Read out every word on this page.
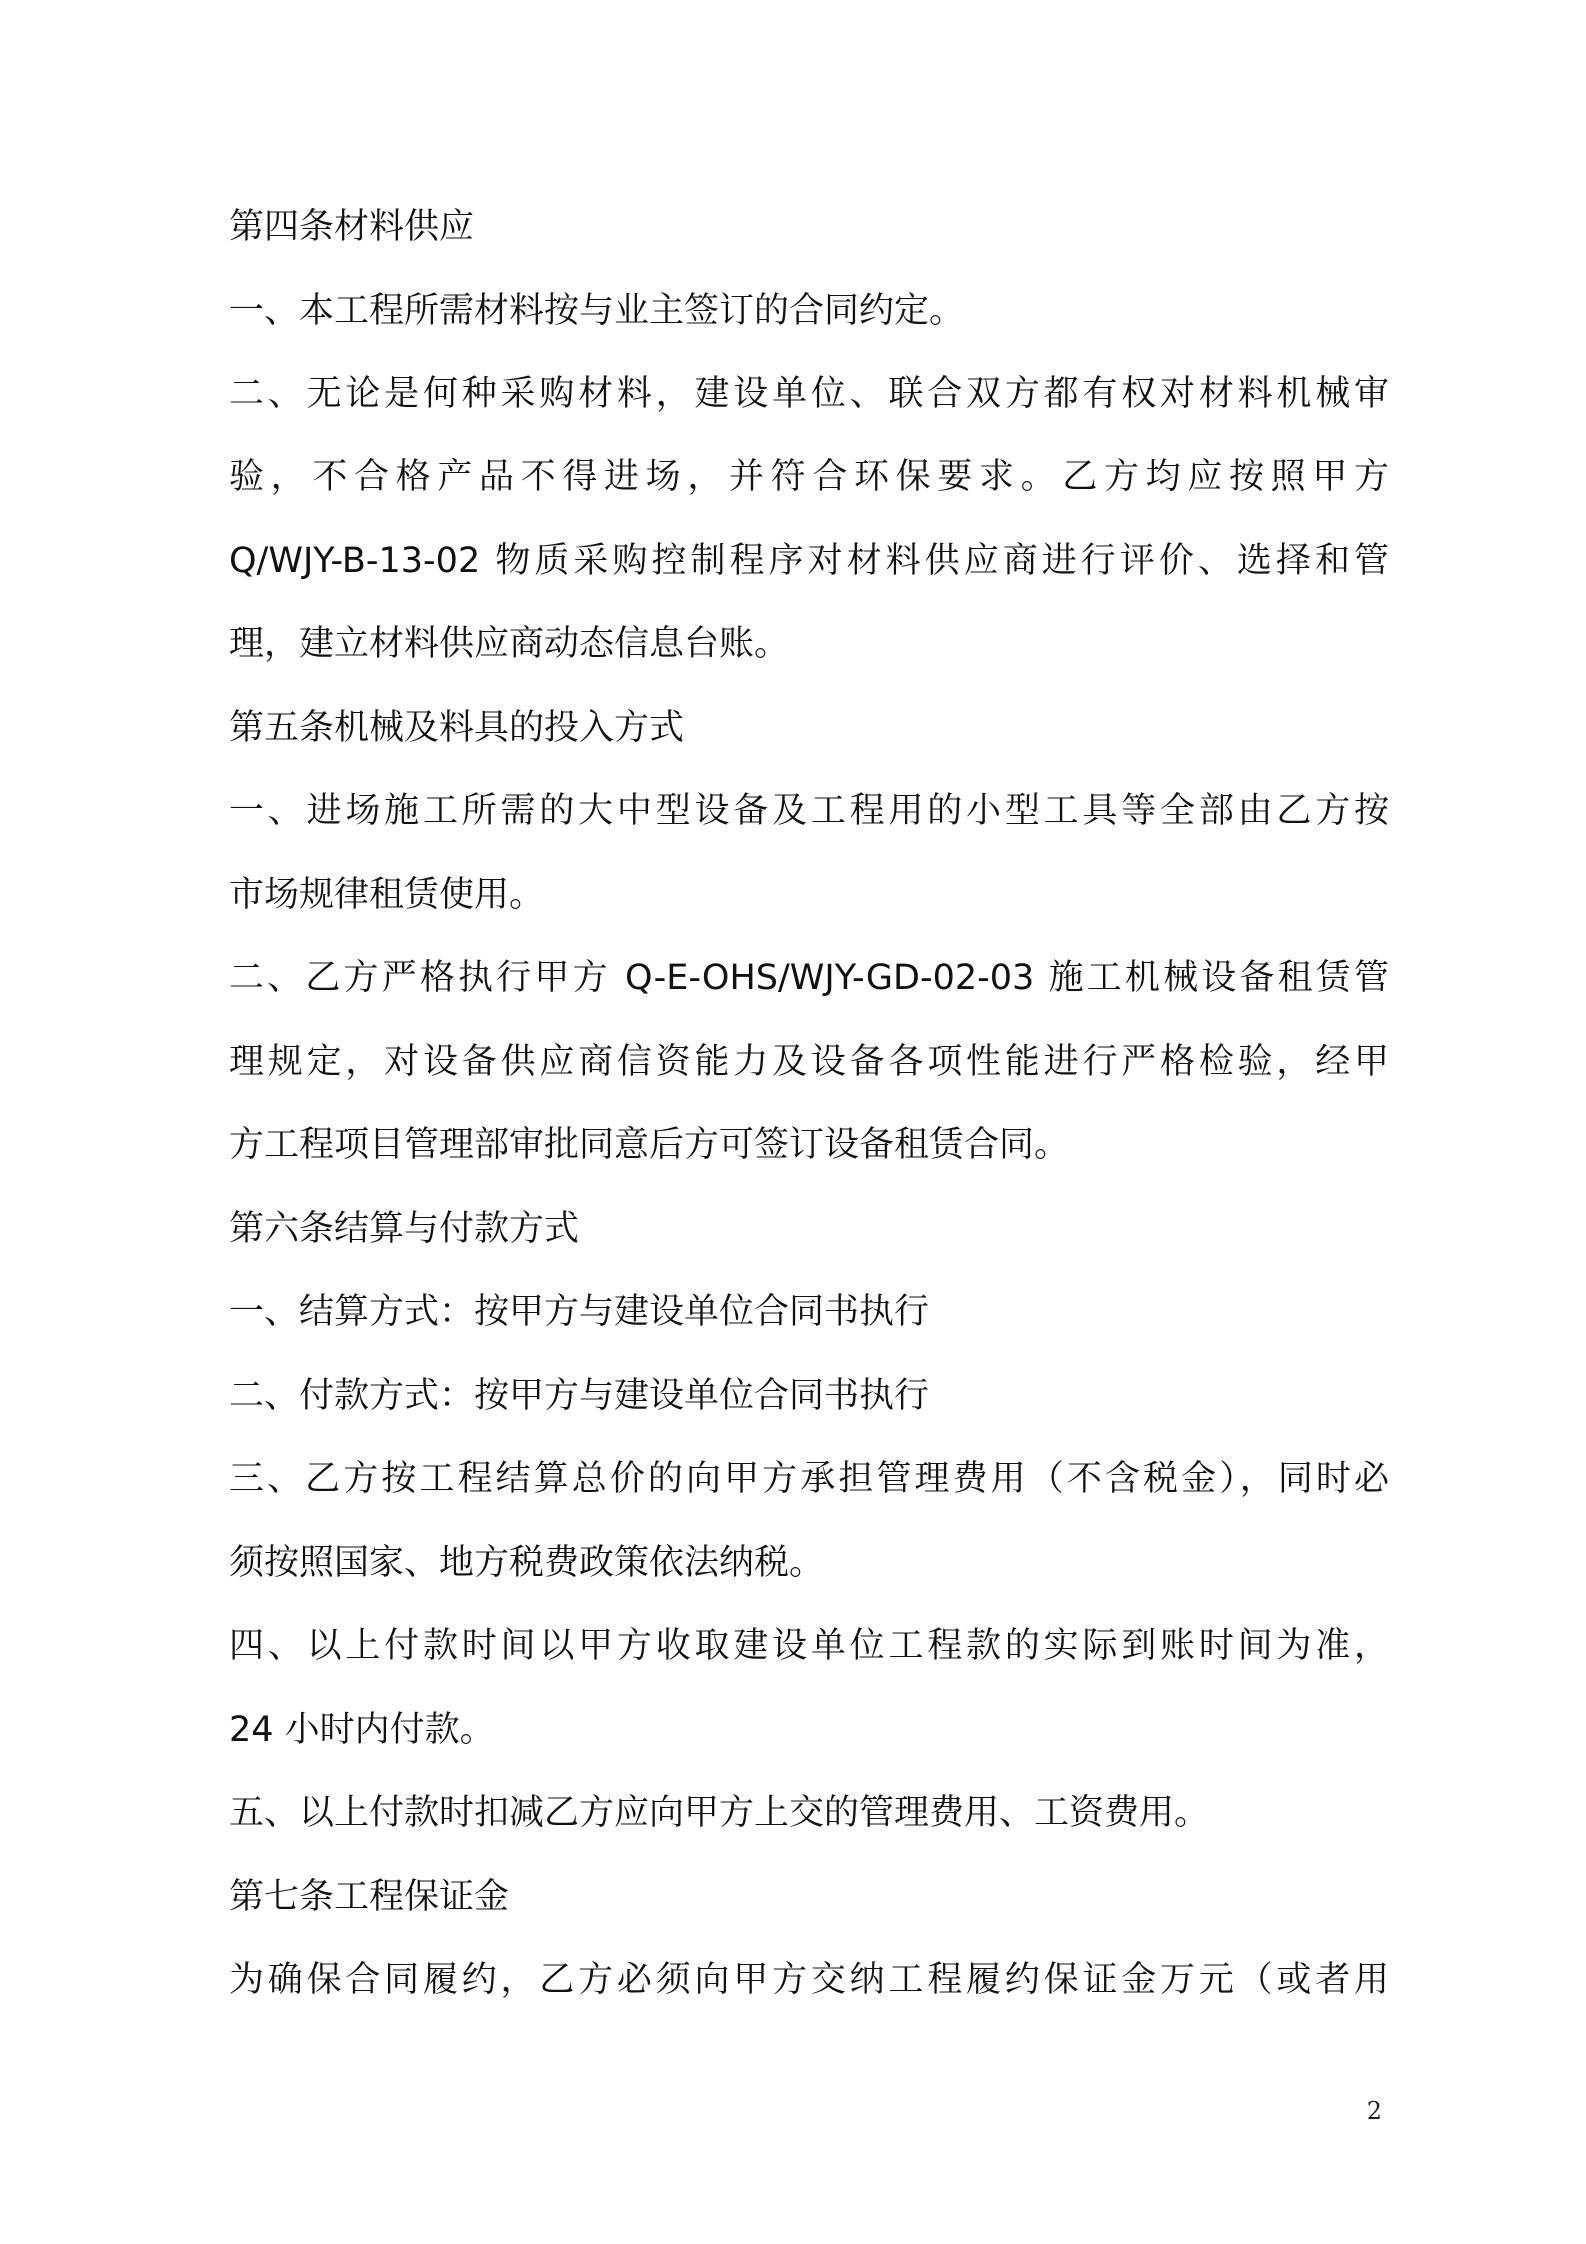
第四条材料供应
一、本工程所需材料按与业主签订的合同约定。
二、无论是何种采购材料，建设单位、联合双方都有权对材料机械审
验，不合格产品不得进场，并符合环保要求。乙方均应按照甲方
Q/WJY-B-13-02 物质采购控制程序对材料供应商进行评价、选择和管
理，建立材料供应商动态信息台账。
第五条机械及料具的投入方式
一、进场施工所需的大中型设备及工程用的小型工具等全部由乙方按
市场规律租赁使用。
二、乙方严格执行甲方 Q-E-OHS/WJY-GD-02-03 施工机械设备租赁管
理规定，对设备供应商信资能力及设备各项性能进行严格检验，经甲
方工程项目管理部审批同意后方可签订设备租赁合同。
第六条结算与付款方式
一、结算方式：按甲方与建设单位合同书执行
二、付款方式：按甲方与建设单位合同书执行
三、乙方按工程结算总价的向甲方承担管理费用（不含税金），同时必
须按照国家、地方税费政策依法纳税。
四、以上付款时间以甲方收取建设单位工程款的实际到账时间为准，
24 小时内付款。
五、以上付款时扣减乙方应向甲方上交的管理费用、工资费用。
第七条工程保证金
为确保合同履约，乙方必须向甲方交纳工程履约保证金万元（或者用
2
